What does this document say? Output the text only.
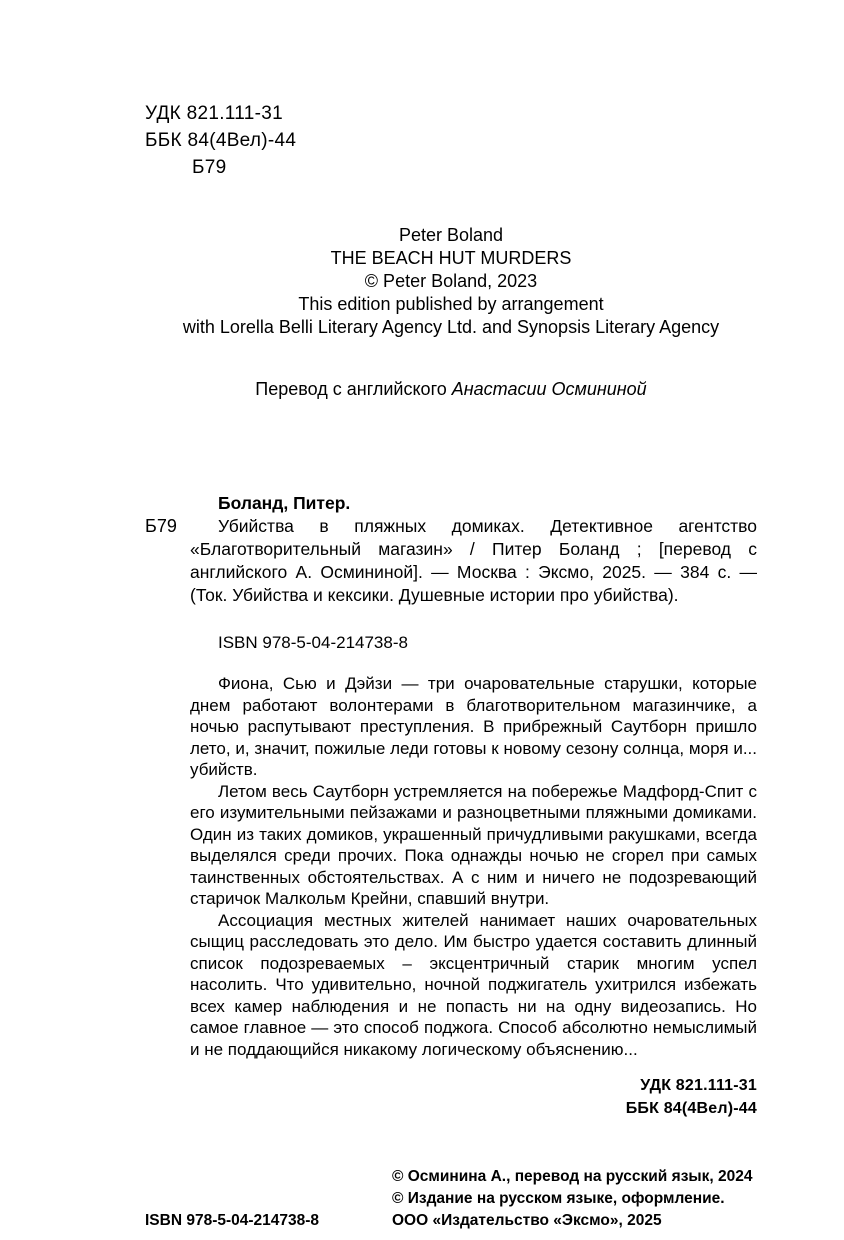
УДК 821.111-31
ББК 84(4Вел)-44
Б79
Peter Boland
THE BEACH HUT MURDERS
© Peter Boland, 2023
This edition published by arrangement
with Lorella Belli Literary Agency Ltd. and Synopsis Literary Agency
Перевод с английского Анастасии Осмининой
Боланд, Питер.
Б79	Убийства в пляжных домиках. Детективное агентство «Благотворительный магазин» / Питер Боланд ; [перевод с английского А. Осмининой]. — Москва : Эксмо, 2025. — 384 с. — (Ток. Убийства и кексики. Душевные истории про убийства).

ISBN 978-5-04-214738-8

Фиона, Сью и Дэйзи — три очаровательные старушки, которые днем работают волонтерами в благотворительном магазинчике, а ночью распутывают преступления. В прибрежный Саутборн пришло лето, и, значит, пожилые леди готовы к новому сезону солнца, моря и... убийств.

Летом весь Саутборн устремляется на побережье Мадфорд-Спит с его изумительными пейзажами и разноцветными пляжными домиками. Один из таких домиков, украшенный причудливыми ракушками, всегда выделялся среди прочих. Пока однажды ночью не сгорел при самых таинственных обстоятельствах. А с ним и ничего не подозревающий старичок Малкольм Крейни, спавший внутри.

Ассоциация местных жителей нанимает наших очаровательных сыщиц расследовать это дело. Им быстро удается составить длинный список подозреваемых – эксцентричный старик многим успел насолить. Что удивительно, ночной поджигатель ухитрился избежать всех камер наблюдения и не попасть ни на одну видеозапись. Но самое главное — это способ поджога. Способ абсолютно немыслимый и не поддающийся никакому логическому объяснению...

УДК 821.111-31
ББК 84(4Вел)-44
© Осминина А., перевод на русский язык, 2024
© Издание на русском языке, оформление.
ООО «Издательство «Эксмо», 2025
ISBN 978-5-04-214738-8
